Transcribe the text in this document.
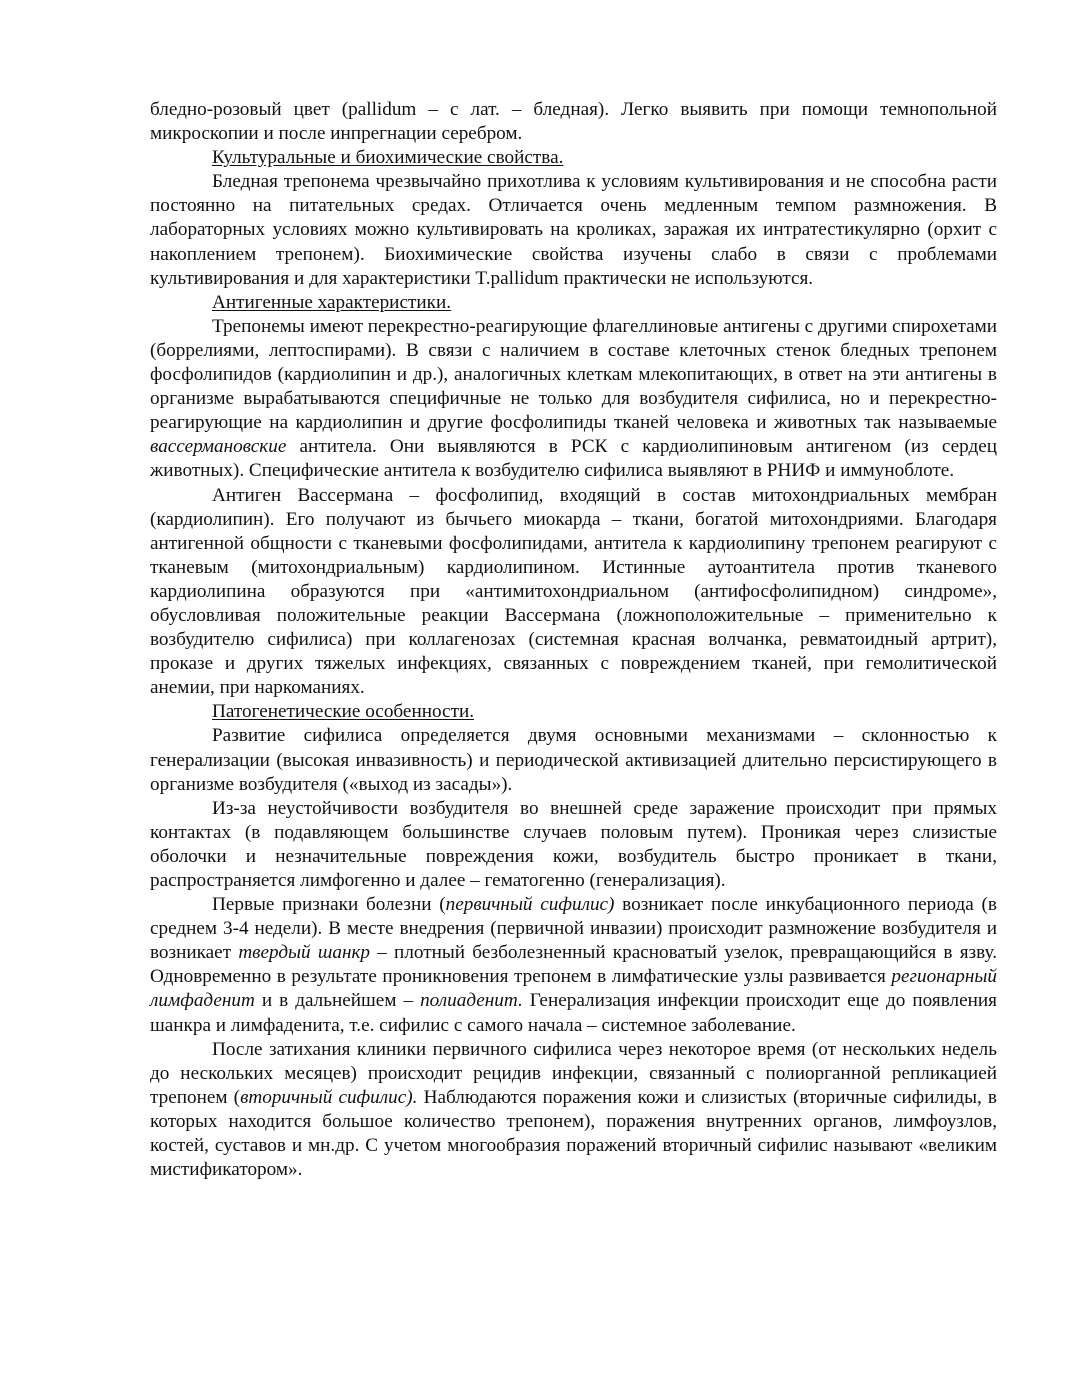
бледно-розовый цвет (pallidum – с лат. – бледная). Легко выявить при помощи темнопольной микроскопии и после инпрегнации серебром.

Культуральные и биохимические свойства.

Бледная трепонема чрезвычайно прихотлива к условиям культивирования и не способна расти постоянно на питательных средах. Отличается очень медленным темпом размножения. В лабораторных условиях можно культивировать на кроликах, заражая их интратестикулярно (орхит с накоплением трепонем). Биохимические свойства изучены слабо в связи с проблемами культивирования и для характеристики T.pallidum практически не используются.

Антигенные характеристики.

Трепонемы имеют перекрестно-реагирующие флагеллиновые антигены с другими спирохетами (боррелиями, лептоспирами). В связи с наличием в составе клеточных стенок бледных трепонем фосфолипидов (кардиолипин и др.), аналогичных клеткам млекопитающих, в ответ на эти антигены в организме вырабатываются специфичные не только для возбудителя сифилиса, но и перекрестно-реагирующие на кардиолипин и другие фосфолипиды тканей человека и животных так называемые вассермановские антитела. Они выявляются в РСК с кардиолипиновым антигеном (из сердец животных). Специфические антитела к возбудителю сифилиса выявляют в РНИФ и иммуноблоте.

Антиген Вассермана – фосфолипид, входящий в состав митохондриальных мембран (кардиолипин). Его получают из бычьего миокарда – ткани, богатой митохондриями. Благодаря антигенной общности с тканевыми фосфолипидами, антитела к кардиолипину трепонем реагируют с тканевым (митохондриальным) кардиолипином. Истинные аутоантитела против тканевого кардиолипина образуются при «антимитохондриальном (антифосфолипидном) синдроме», обусловливая положительные реакции Вассермана (ложноположительные – применительно к возбудителю сифилиса) при коллагенозах (системная красная волчанка, ревматоидный артрит), проказе и других тяжелых инфекциях, связанных с повреждением тканей, при гемолитической анемии, при наркоманиях.

Патогенетические особенности.

Развитие сифилиса определяется двумя основными механизмами – склонностью к генерализации (высокая инвазивность) и периодической активизацией длительно персистирующего в организме возбудителя («выход из засады»).

Из-за неустойчивости возбудителя во внешней среде заражение происходит при прямых контактах (в подавляющем большинстве случаев половым путем). Проникая через слизистые оболочки и незначительные повреждения кожи, возбудитель быстро проникает в ткани, распространяется лимфогенно и далее – гематогенно (генерализация).

Первые признаки болезни (первичный сифилис) возникает после инкубационного периода (в среднем 3-4 недели). В месте внедрения (первичной инвазии) происходит размножение возбудителя и возникает твердый шанкр – плотный безболезненный красноватый узелок, превращающийся в язву. Одновременно в результате проникновения трепонем в лимфатические узлы развивается регионарный лимфаденит и в дальнейшем – полиаденит. Генерализация инфекции происходит еще до появления шанкра и лимфаденита, т.е. сифилис с самого начала – системное заболевание.

После затихания клиники первичного сифилиса через некоторое время (от нескольких недель до нескольких месяцев) происходит рецидив инфекции, связанный с полиорганной репликацией трепонем (вторичный сифилис). Наблюдаются поражения кожи и слизистых (вторичные сифилиды, в которых находится большое количество трепонем), поражения внутренних органов, лимфоузлов, костей, суставов и мн.др. С учетом многообразия поражений вторичный сифилис называют «великим мистификатором».
